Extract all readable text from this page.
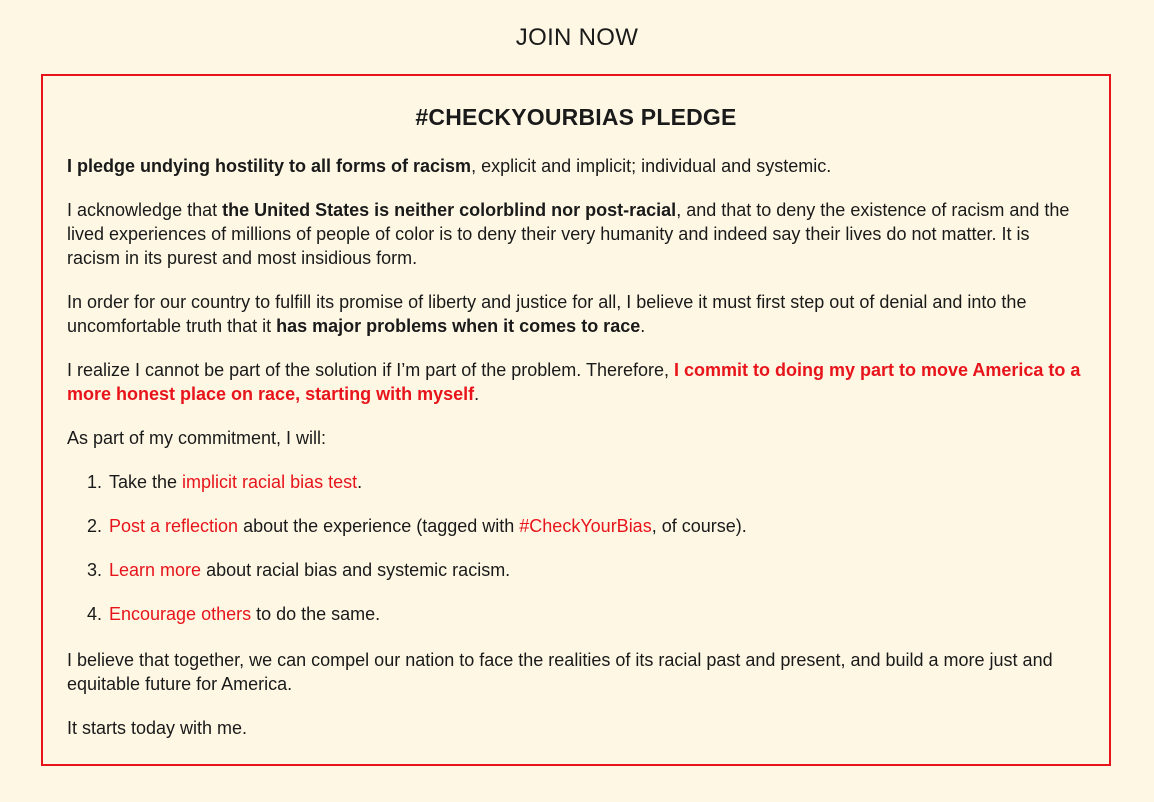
JOIN NOW
#CHECKYOURBIAS PLEDGE

I pledge undying hostility to all forms of racism, explicit and implicit; individual and systemic.

I acknowledge that the United States is neither colorblind nor post-racial, and that to deny the existence of racism and the lived experiences of millions of people of color is to deny their very humanity and indeed say their lives do not matter. It is racism in its purest and most insidious form.

In order for our country to fulfill its promise of liberty and justice for all, I believe it must first step out of denial and into the uncomfortable truth that it has major problems when it comes to race.

I realize I cannot be part of the solution if I’m part of the problem. Therefore, I commit to doing my part to move America to a more honest place on race, starting with myself.

As part of my commitment, I will:

1. Take the implicit racial bias test.
2. Post a reflection about the experience (tagged with #CheckYourBias, of course).
3. Learn more about racial bias and systemic racism.
4. Encourage others to do the same.

I believe that together, we can compel our nation to face the realities of its racial past and present, and build a more just and equitable future for America.

It starts today with me.
